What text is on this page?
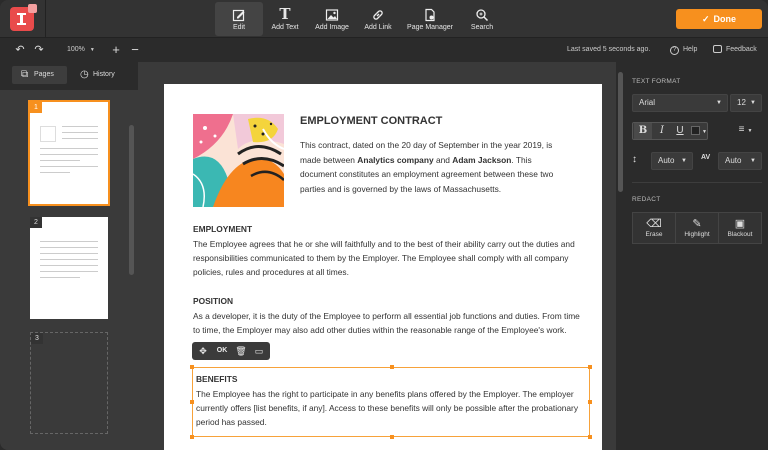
Edit
T
Add Text	Add Image	Add Link	Page Manager	Search
✓ Done
↶ ↷	100% ▼	+ −	Last saved 5 seconds ago.	? Help	Feedback
⧉ Pages	◷ History
1
2
3
EMPLOYMENT CONTRACT
This contract, dated on the 20 day of September in the year 2019, is made between Analytics company and Adam Jackson. This document constitutes an employment agreement between these two parties and is governed by the laws of Massachusetts.
EMPLOYMENT
The Employee agrees that he or she will faithfully and to the best of their ability carry out the duties and responsibilities communicated to them by the Employer. The Employee shall comply with all company policies, rules and procedures at all times.
POSITION
As a developer, it is the duty of the Employee to perform all essential job functions and duties. From time to time, the Employer may also add other duties within the reasonable range of the Employee's work.
✥	OK 🗑 ▭
BENEFITS
The Employee has the right to participate in any benefits plans offered by the Employer. The employer currently offers [list benefits, if any]. Access to these benefits will only be possible after the probationary period has passed.
TEXT FORMAT
Arial	▼	12 ▼
B	I	U	▼	≡ ▼
↕	Auto ▼ AV	Auto ▼
REDACT
⌫
Erase
✎
Highlight
▣
Blackout
